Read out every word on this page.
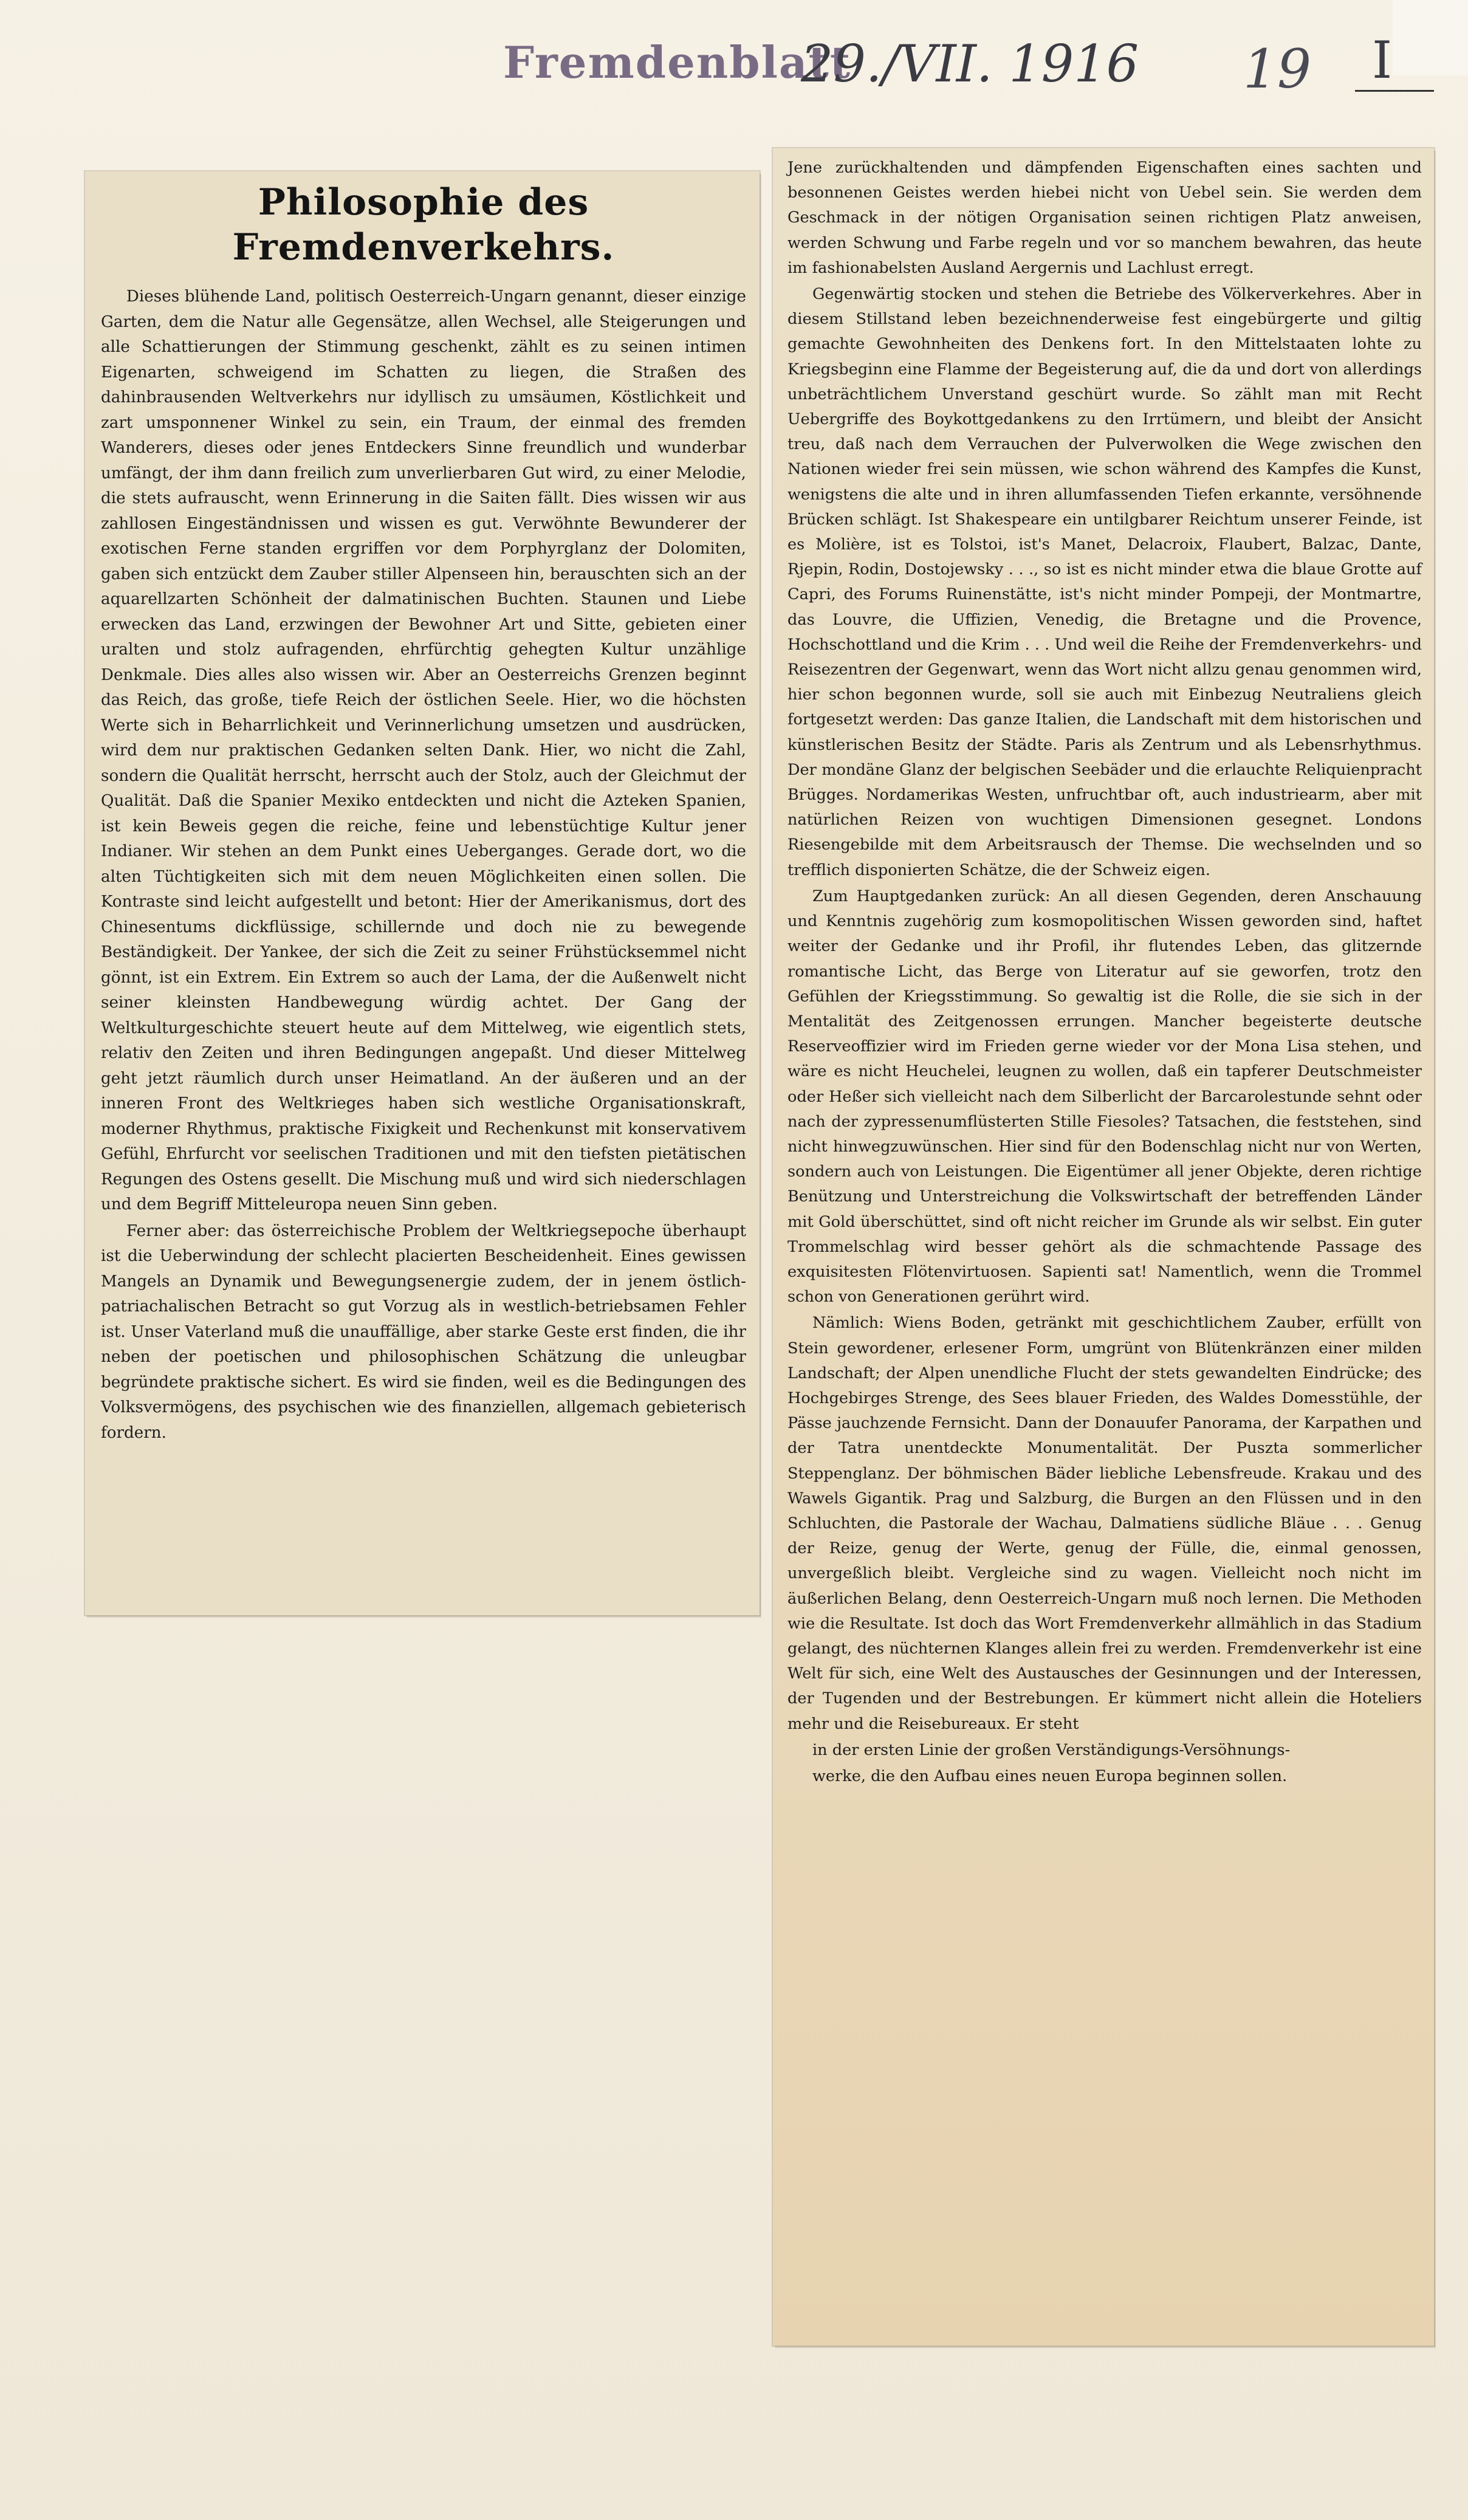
Fremdenblatt
29./VII. 1916 19 I
Philosophie des Fremdenverkehrs.

Dieses blühende Land, politisch Oesterreich-Ungarn genannt, dieser einzige Garten, dem die Natur alle Gegensätze, allen Wechsel, alle Steigerungen und alle Schattierungen der Stimmung geschenkt, zählt es zu seinen intimen Eigenarten, schweigend im Schatten zu liegen, die Straßen des dahinbrausenden Weltverkehrs nur idyllisch zu umsäumen, Köstlichkeit und zart umsponnener Winkel zu sein, ein Traum, der einmal des fremden Wanderers, dieses oder jenes Entdeckers Sinne freundlich und wunderbar umfängt, der ihm dann freilich zum unverlierbaren Gut wird, zu einer Melodie, die stets aufrauscht, wenn Erinnerung in die Saiten fällt. Dies wissen wir aus zahllosen Eingeständnissen und wissen es gut. Verwöhnte Bewunderer der exotischen Ferne standen ergriffen vor dem Porphyrglanz der Dolomiten, gaben sich entzückt dem Zauber stiller Alpenseen hin, berauschten sich an der aquarellzarten Schönheit der dalmatinischen Buchten. Staunen und Liebe erwecken das Land, erzwingen der Bewohner Art und Sitte, gebieten einer uralten und stolz aufragenden, ehrfürchtig gehegten Kultur unzählige Denkmale. Dies alles also wissen wir. Aber an Oesterreichs Grenzen beginnt das Reich, das große, tiefe Reich der östlichen Seele. Hier, wo die höchsten Werte sich in Beharrlichkeit und Verinnerlichung umsetzen und ausdrücken, wird dem nur praktischen Gedanken selten Dank. Hier, wo nicht die Zahl, sondern die Qualität herrscht, herrscht auch der Stolz, auch der Gleichmut der Qualität. Daß die Spanier Mexiko entdeckten und nicht die Azteken Spanien, ist kein Beweis gegen die reiche, feine und lebenstüchtige Kultur jener Indianer. Wir stehen an dem Punkt eines Ueberganges. Gerade dort, wo die alten Tüchtigkeiten sich mit dem neuen Möglichkeiten einen sollen. Die Kontraste sind leicht aufgestellt und betont: Hier der Amerikanismus, dort des Chinesentums dickflüssige, schillernde und doch nie zu bewegende Beständigkeit. Der Yankee, der sich die Zeit zu seiner Frühstücksemmel nicht gönnt, ist ein Extrem. Ein Extrem so auch der Lama, der die Außenwelt nicht seiner kleinsten Handbewegung würdig achtet. Der Gang der Weltkulturgeschichte steuert heute auf dem Mittelweg, wie eigentlich stets, relativ den Zeiten und ihren Bedingungen angepaßt. Und dieser Mittelweg geht jetzt räumlich durch unser Heimatland. An der äußeren und an der inneren Front des Weltkrieges haben sich westliche Organisationskraft, moderner Rhythmus, praktische Fixigkeit und Rechenkunst mit konservativem Gefühl, Ehrfurcht vor seelischen Traditionen und mit den tiefsten pietätischen Regungen des Ostens gesellt. Die Mischung muß und wird sich niederschlagen und dem Begriff Mitteleuropa neuen Sinn geben.

Ferner aber: das österreichische Problem der Weltkriegsepoche überhaupt ist die Ueberwindung der schlecht placierten Bescheidenheit. Eines gewissen Mangels an Dynamik und Bewegungsenergie zudem, der in jenem östlich-patriachalischen Betracht so gut Vorzug als in westlich-betriebsamen Fehler ist. Unser Vaterland muß die unauffällige, aber starke Geste erst finden, die ihr neben der poetischen und philosophischen Schätzung die unleugbar begründete praktische sichert. Es wird sie finden, weil es die Bedingungen des Volksvermögens, des psychischen wie des finanziellen, allgemach gebieterisch fordern.

Jene zurückhaltenden und dämpfenden Eigenschaften eines sachten und besonnenen Geistes werden hiebei nicht von Uebel sein. Sie werden dem Geschmack in der nötigen Organisation seinen richtigen Platz anweisen, werden Schwung und Farbe regeln und vor so manchem bewahren, das heute im fashionabelsten Ausland Aergernis und Lachlust erregt.

Gegenwärtig stocken und stehen die Betriebe des Völkerverkehres. Aber in diesem Stillstand leben bezeichnenderweise fest eingebürgerte und giltig gemachte Gewohnheiten des Denkens fort. In den Mittelstaaten lohte zu Kriegsbeginn eine Flamme der Begeisterung auf, die da und dort von allerdings unbeträchtlichem Unverstand geschürt wurde. So zählt man mit Recht Uebergriffe des Boykottgedankens zu den Irrtümern, und bleibt der Ansicht treu, daß nach dem Verrauchen der Pulverwolken die Wege zwischen den Nationen wieder frei sein müssen, wie schon während des Kampfes die Kunst, wenigstens die alte und in ihren allumfassenden Tiefen erkannte, versöhnende Brücken schlägt. Ist Shakespeare ein untilgbarer Reichtum unserer Feinde, ist es Molière, ist es Tolstoi, ist's Manet, Delacroix, Flaubert, Balzac, Dante, Rjepin, Rodin, Dostojewsky . . ., so ist es nicht minder etwa die blaue Grotte auf Capri, des Forums Ruinenstätte, ist's nicht minder Pompeji, der Montmartre, das Louvre, die Uffizien, Venedig, die Bretagne und die Provence, Hochschottland und die Krim . . . Und weil die Reihe der Fremdenverkehrs- und Reisezentren der Gegenwart, wenn das Wort nicht allzu genau genommen wird, hier schon begonnen wurde, soll sie auch mit Einbezug Neutraliens gleich fortgesetzt werden: Das ganze Italien, die Landschaft mit dem historischen und künstlerischen Besitz der Städte. Paris als Zentrum und als Lebensrhythmus. Der mondäne Glanz der belgischen Seebäder und die erlauchte Reliquienpracht Brügges. Nordamerikas Westen, unfruchtbar oft, auch industriearm, aber mit natürlichen Reizen von wuchtigen Dimensionen gesegnet. Londons Riesengebilde mit dem Arbeitsrausch der Themse. Die wechselnden und so trefflich disponierten Schätze, die der Schweiz eigen.

Zum Hauptgedanken zurück: An all diesen Gegenden, deren Anschauung und Kenntnis zugehörig zum kosmopolitischen Wissen geworden sind, haftet weiter der Gedanke und ihr Profil, ihr flutendes Leben, das glitzernde romantische Licht, das Berge von Literatur auf sie geworfen, trotz den Gefühlen der Kriegsstimmung. So gewaltig ist die Rolle, die sie sich in der Mentalität des Zeitgenossen errungen. Mancher begeisterte deutsche Reserveoffizier wird im Frieden gerne wieder vor der Mona Lisa stehen, und wäre es nicht Heuchelei, leugnen zu wollen, daß ein tapferer Deutschmeister oder Heßer sich vielleicht nach dem Silberlicht der Barcarolestunde sehnt oder nach der zypressenumflüsterten Stille Fiesoles? Tatsachen, die feststehen, sind nicht hinwegzuwünschen. Hier sind für den Bodenschlag nicht nur von Werten, sondern auch von Leistungen. Die Eigentümer all jener Objekte, deren richtige Benützung und Unterstreichung die Volkswirtschaft der betreffenden Länder mit Gold überschüttet, sind oft nicht reicher im Grunde als wir selbst. Ein guter Trommelschlag wird besser gehört als die schmachtende Passage des exquisitesten Flötenvirtuosen. Sapienti sat! Namentlich, wenn die Trommel schon von Generationen gerührt wird.

Nämlich: Wiens Boden, getränkt mit geschichtlichem Zauber, erfüllt von Stein gewordener, erlesener Form, umgrünt von Blütenkränzen einer milden Landschaft; der Alpen unendliche Flucht der stets gewandelten Eindrücke; des Hochgebirges Strenge, des Sees blauer Frieden, des Waldes Domesstühle, der Pässe jauchzende Fernsicht. Dann der Donauufer Panorama, der Karpathen und der Tatra unentdeckte Monumentalität. Der Puszta sommerlicher Steppenglanz. Der böhmischen Bäder liebliche Lebensfreude. Krakau und des Wawels Gigantik. Prag und Salzburg, die Burgen an den Flüssen und in den Schluchten, die Pastorale der Wachau, Dalmatiens südliche Bläue . . . Genug der Reize, genug der Werte, genug der Fülle, die, einmal genossen, unvergeßlich bleibt. Vergleiche sind zu wagen. Vielleicht noch nicht im äußerlichen Belang, denn Oesterreich-Ungarn muß noch lernen. Die Methoden wie die Resultate. Ist doch das Wort Fremdenverkehr allmählich in das Stadium gelangt, des nüchternen Klanges allein frei zu werden. Fremdenverkehr ist eine Welt für sich, eine Welt des Austausches der Gesinnungen und der Interessen, der Tugenden und der Bestrebungen. Er kümmert nicht allein die Hoteliers mehr und die Reisebureaux. Er steht

in der ersten Linie der großen Verständigungs-Versöhnungs-

werke, die den Aufbau eines neuen Europa beginnen sollen.
